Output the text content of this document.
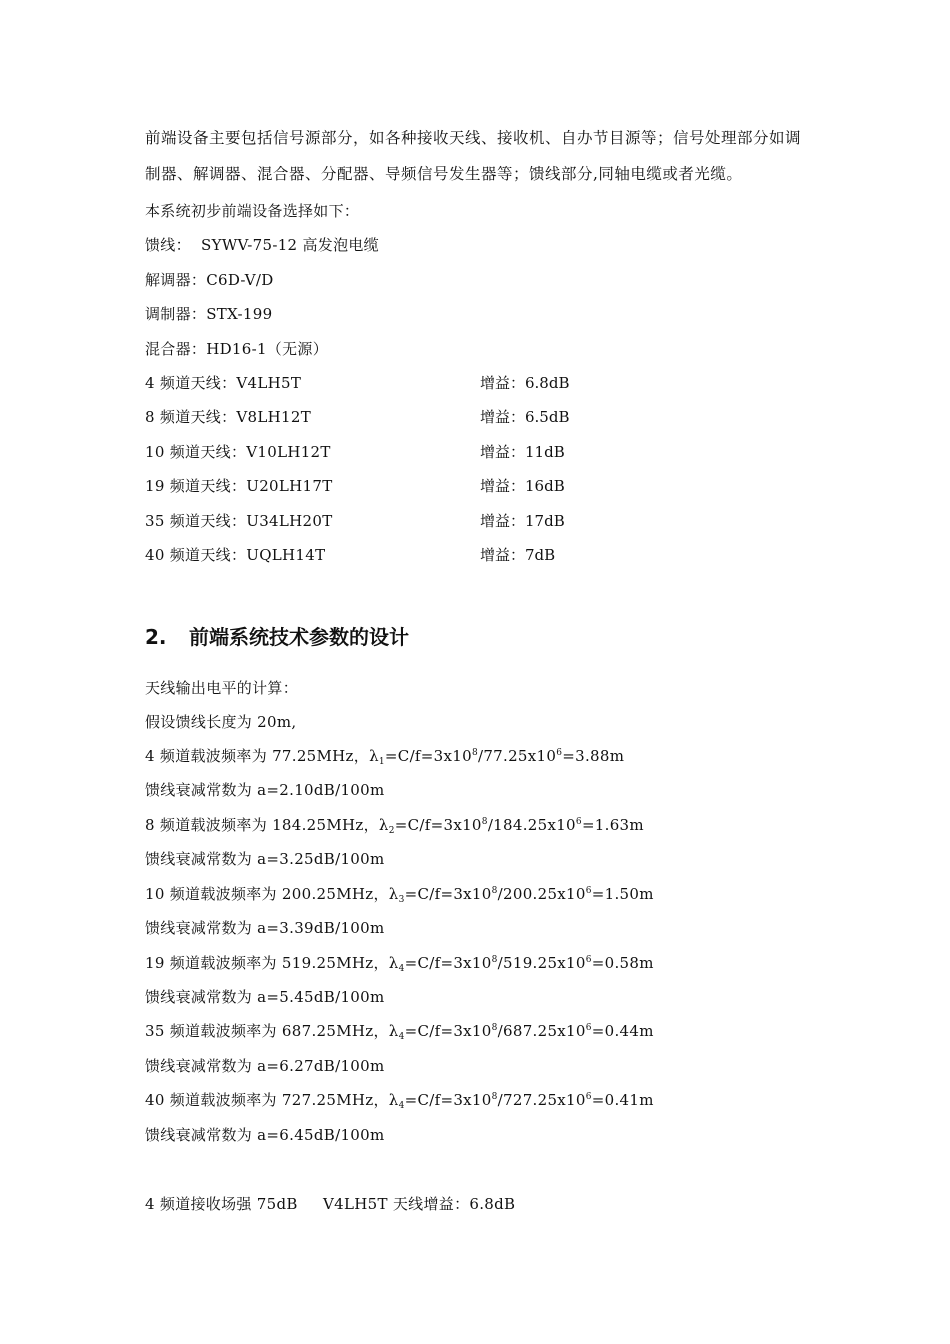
前端设备主要包括信号源部分，如各种接收天线、接收机、自办节目源等；信号处理部分如调制器、解调器、混合器、分配器、导频信号发生器等；馈线部分,同轴电缆或者光缆。
本系统初步前端设备选择如下：
馈线：  SYWV-75-12 高发泡电缆
解调器：C6D-V/D
调制器：STX-199
混合器：HD16-1（无源）
4 频道天线：V4LH5T	增益：6.8dB
8 频道天线：V8LH12T	增益：6.5dB
10 频道天线：V10LH12T	增益：11dB
19 频道天线：U20LH17T	增益：16dB
35 频道天线：U34LH20T	增益：17dB
40 频道天线：UQLH14T	增益：7dB
2. 前端系统技术参数的设计
天线输出电平的计算：
假设馈线长度为 20m,
4 频道载波频率为 77.25MHz，$\lambda_1=C/f=3x10^8/77.25x10^6=3.88m$
馈线衰减常数为 a=2.10dB/100m
8 频道载波频率为 184.25MHz，$\lambda_2=C/f=3x10^8/184.25x10^6=1.63m$
馈线衰减常数为 a=3.25dB/100m
10 频道载波频率为 200.25MHz，$\lambda_3=C/f=3x10^8/200.25x10^6=1.50m$
馈线衰减常数为 a=3.39dB/100m
19 频道载波频率为 519.25MHz，$\lambda_4=C/f=3x10^8/519.25x10^6=0.58m$
馈线衰减常数为 a=5.45dB/100m
35 频道载波频率为 687.25MHz，$\lambda_4=C/f=3x10^8/687.25x10^6=0.44m$
馈线衰减常数为 a=6.27dB/100m
40 频道载波频率为 727.25MHz，$\lambda_4=C/f=3x10^8/727.25x10^6=0.41m$
馈线衰减常数为 a=6.45dB/100m
4 频道接收场强 75dB     V4LH5T 天线增益：6.8dB
